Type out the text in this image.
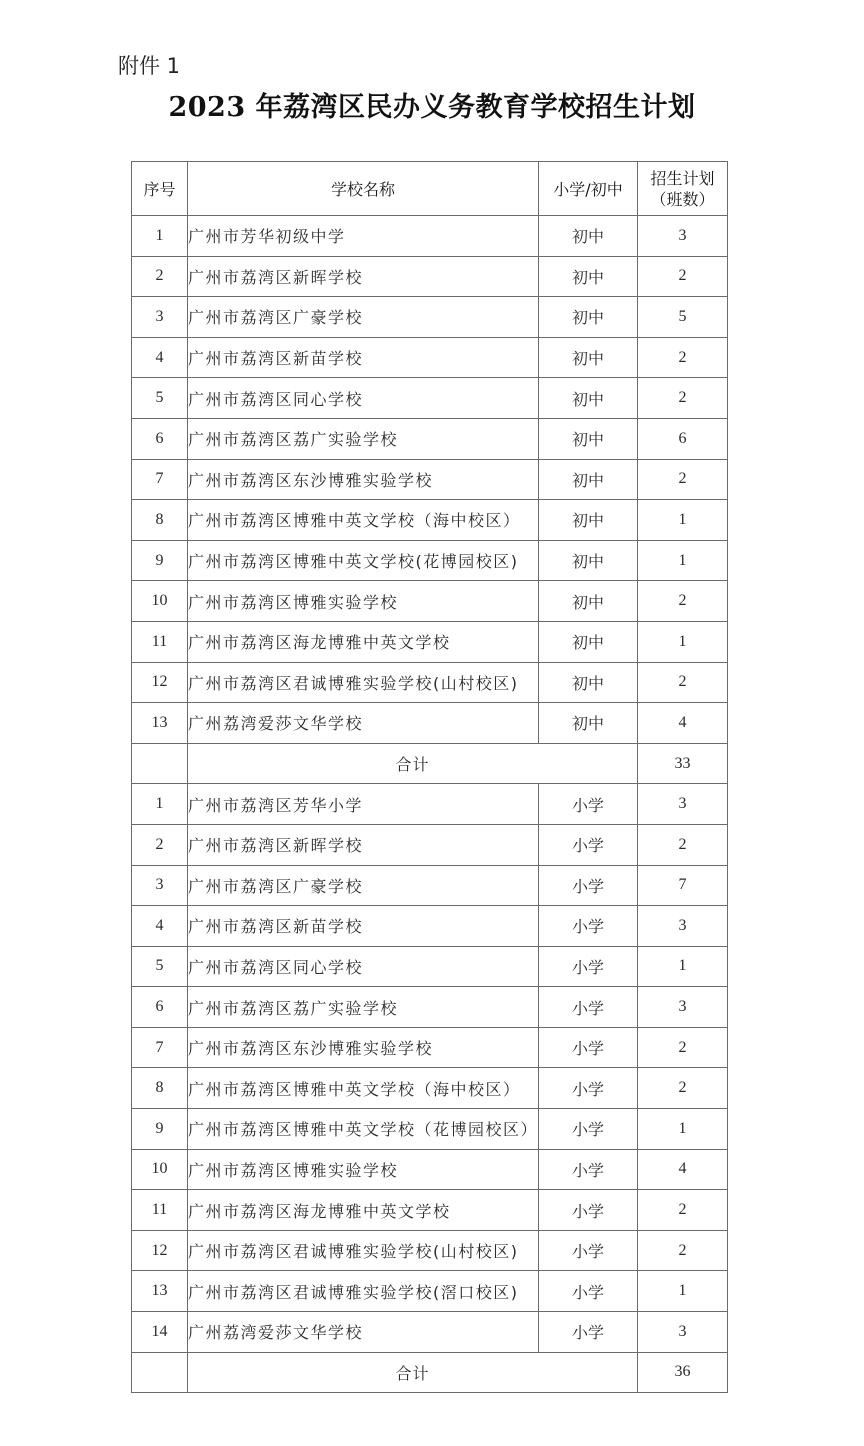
附件 1
2023 年荔湾区民办义务教育学校招生计划
序号	学校名称	小学/初中	招生计划
（班数）

1	广州市芳华初级中学	初中	3
2	广州市荔湾区新晖学校	初中	2
3	广州市荔湾区广豪学校	初中	5
4	广州市荔湾区新苗学校	初中	2
5	广州市荔湾区同心学校	初中	2
6	广州市荔湾区荔广实验学校	初中	6
7	广州市荔湾区东沙博雅实验学校	初中	2
8	广州市荔湾区博雅中英文学校（海中校区）	初中	1
9	广州市荔湾区博雅中英文学校(花博园校区)	初中	1
10	广州市荔湾区博雅实验学校	初中	2
11	广州市荔湾区海龙博雅中英文学校	初中	1
12	广州市荔湾区君诚博雅实验学校(山村校区)	初中	2
13	广州荔湾爱莎文华学校	初中	4
	合计		33
1	广州市荔湾区芳华小学	小学	3
2	广州市荔湾区新晖学校	小学	2
3	广州市荔湾区广豪学校	小学	7
4	广州市荔湾区新苗学校	小学	3
5	广州市荔湾区同心学校	小学	1
6	广州市荔湾区荔广实验学校	小学	3
7	广州市荔湾区东沙博雅实验学校	小学	2
8	广州市荔湾区博雅中英文学校（海中校区）	小学	2
9	广州市荔湾区博雅中英文学校（花博园校区）	小学	1
10	广州市荔湾区博雅实验学校	小学	4
11	广州市荔湾区海龙博雅中英文学校	小学	2
12	广州市荔湾区君诚博雅实验学校(山村校区)	小学	2
13	广州市荔湾区君诚博雅实验学校(滘口校区)	小学	1
14	广州荔湾爱莎文华学校	小学	3
	合计		36
